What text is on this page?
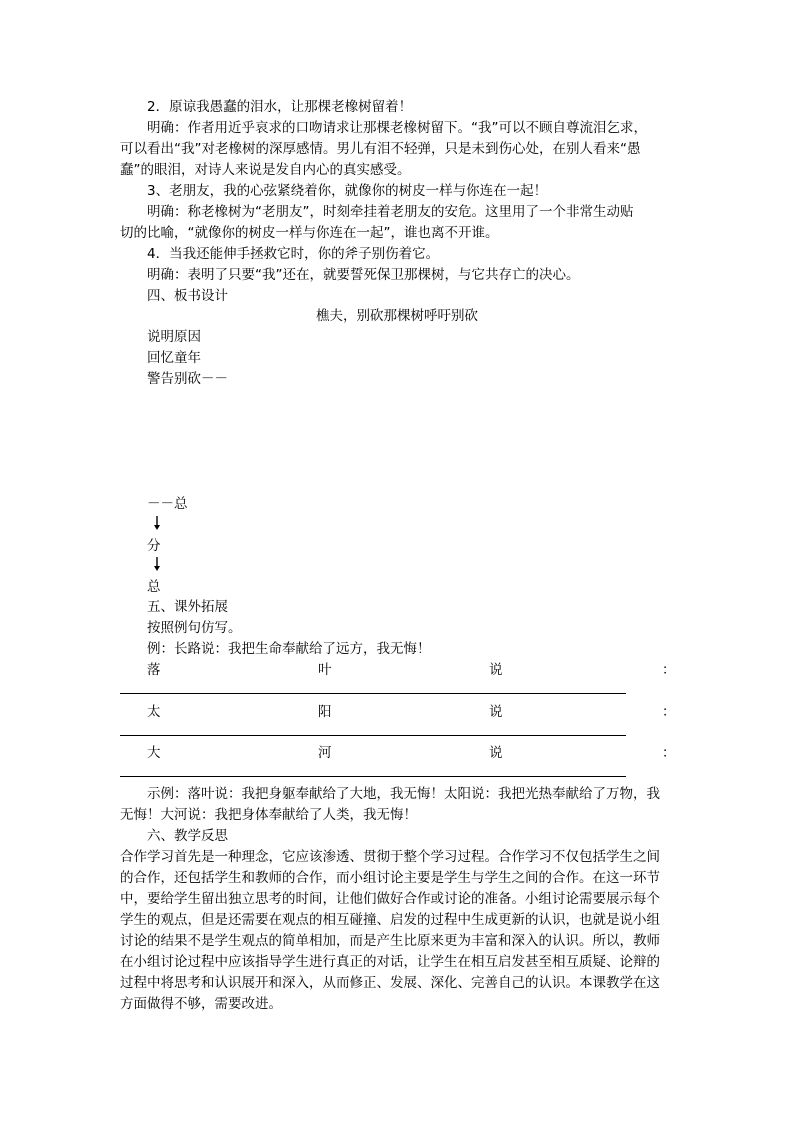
2．原谅我愚蠢的泪水，让那棵老橡树留着！
明确：作者用近乎哀求的口吻请求让那棵老橡树留下。“我”可以不顾自尊流泪乞求，
可以看出“我”对老橡树的深厚感情。男儿有泪不轻弹，只是未到伤心处，在别人看来“愚
蠢”的眼泪，对诗人来说是发自内心的真实感受。
3、老朋友，我的心弦紧绕着你，就像你的树皮一样与你连在一起！
明确：称老橡树为“老朋友”，时刻牵挂着老朋友的安危。这里用了一个非常生动贴
切的比喻，“就像你的树皮一样与你连在一起”，谁也离不开谁。
4．当我还能伸手拯救它时，你的斧子别伤着它。
明确：表明了只要“我”还在，就要誓死保卫那棵树，与它共存亡的决心。
四、板书设计
樵夫，别砍那棵树呼吁别砍
说明原因
回忆童年
警告别砍－－
－－总
分
总
五、课外拓展
按照例句仿写。
例：长路说：我把生命奉献给了远方，我无悔！
落	叶	说	：
太	阳	说	：
大	河	说	：
示例：落叶说：我把身躯奉献给了大地，我无悔！太阳说：我把光热奉献给了万物，我
无悔！大河说：我把身体奉献给了人类，我无悔！
六、教学反思
合作学习首先是一种理念，它应该渗透、贯彻于整个学习过程。合作学习不仅包括学生之间
的合作，还包括学生和教师的合作，而小组讨论主要是学生与学生之间的合作。在这一环节
中，要给学生留出独立思考的时间，让他们做好合作或讨论的准备。小组讨论需要展示每个
学生的观点，但是还需要在观点的相互碰撞、启发的过程中生成更新的认识，也就是说小组
讨论的结果不是学生观点的简单相加，而是产生比原来更为丰富和深入的认识。所以，教师
在小组讨论过程中应该指导学生进行真正的对话，让学生在相互启发甚至相互质疑、论辩的
过程中将思考和认识展开和深入，从而修正、发展、深化、完善自己的认识。本课教学在这
方面做得不够，需要改进。
